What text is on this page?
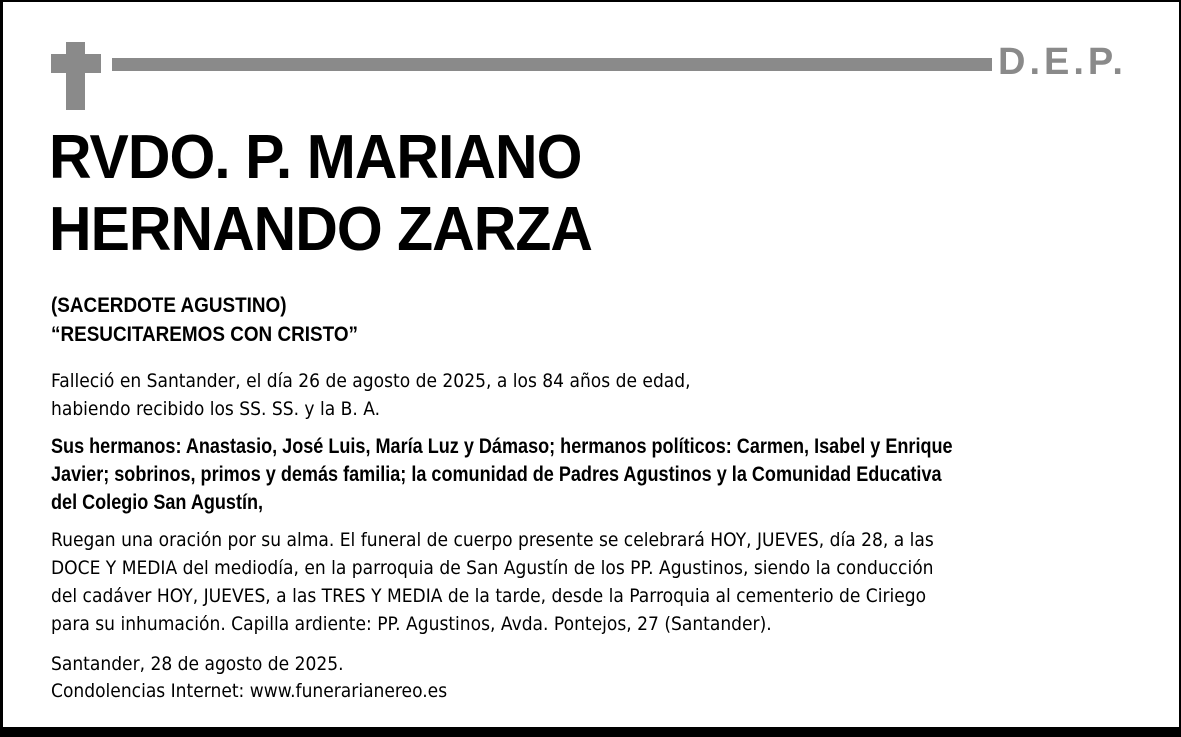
D.E.P.
RVDO. P. MARIANO
HERNANDO ZARZA
(SACERDOTE AGUSTINO)
“RESUCITAREMOS CON CRISTO”
Falleció en Santander, el día 26 de agosto de 2025, a los 84 años de edad,
habiendo recibido los SS. SS. y la B. A.

Sus hermanos: Anastasio, José Luis, María Luz y Dámaso; hermanos políticos: Carmen, Isabel y Enrique
Javier; sobrinos, primos y demás familia; la comunidad de Padres Agustinos y la Comunidad Educativa
del Colegio San Agustín,

Ruegan una oración por su alma. El funeral de cuerpo presente se celebrará HOY, JUEVES, día 28, a las
DOCE Y MEDIA del mediodía, en la parroquia de San Agustín de los PP. Agustinos, siendo la conducción
del cadáver HOY, JUEVES, a las TRES Y MEDIA de la tarde, desde la Parroquia al cementerio de Ciriego
para su inhumación. Capilla ardiente: PP. Agustinos, Avda. Pontejos, 27 (Santander).
Santander, 28 de agosto de 2025.
Condolencias Internet: www.funerarianereo.es
